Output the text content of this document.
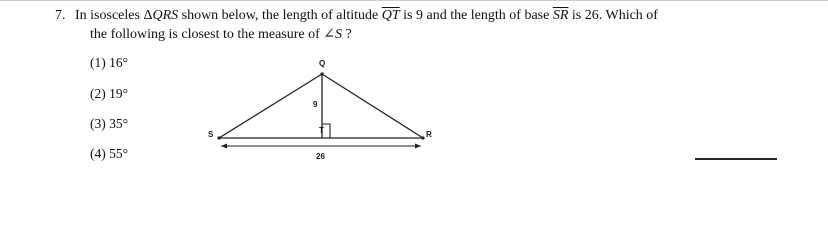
7. In isosceles ΔQRS shown below, the length of altitude $\overline{QT}$ is 9 and the length of base $\overline{SR}$ is 26. Which of
the following is closest to the measure of ∠S ?
(1) 16°
(2) 19°
(3) 35°
(4) 55°
Q
S	R
T
9
26
